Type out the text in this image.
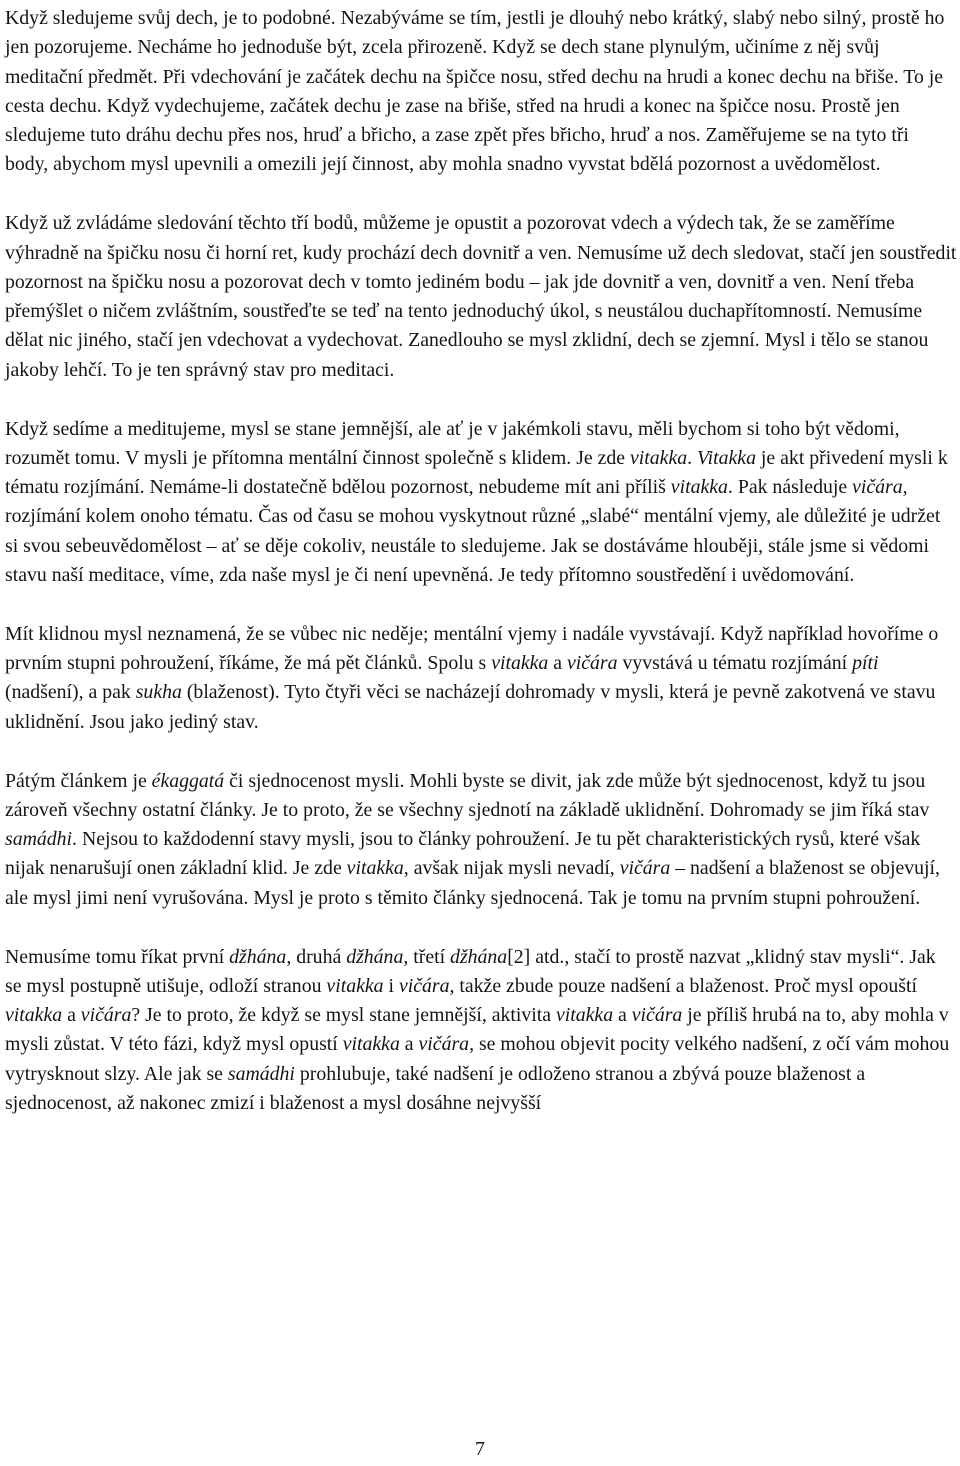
Když sledujeme svůj dech, je to podobné. Nezabýváme se tím, jestli je dlouhý nebo krátký, slabý nebo silný, prostě ho jen pozorujeme. Necháme ho jednoduše být, zcela přirozeně. Když se dech stane plynulým, učiníme z něj svůj meditační předmět. Při vdechování je začátek dechu na špičce nosu, střed dechu na hrudi a konec dechu na břiše. To je cesta dechu. Když vydechujeme, začátek dechu je zase na břiše, střed na hrudi a konec na špičce nosu. Prostě jen sledujeme tuto dráhu dechu přes nos, hruď a břicho, a zase zpět přes břicho, hruď a nos. Zaměřujeme se na tyto tři body, abychom mysl upevnili a omezili její činnost, aby mohla snadno vyvstat bdělá pozornost a uvědomělost.

Když už zvládáme sledování těchto tří bodů, můžeme je opustit a pozorovat vdech a výdech tak, že se zaměříme výhradně na špičku nosu či horní ret, kudy prochází dech dovnitř a ven. Nemusíme už dech sledovat, stačí jen soustředit pozornost na špičku nosu a pozorovat dech v tomto jediném bodu – jak jde dovnitř a ven, dovnitř a ven. Není třeba přemýšlet o ničem zvláštním, soustřeďte se teď na tento jednoduchý úkol, s neustálou duchapřítomností. Nemusíme dělat nic jiného, stačí jen vdechovat a vydechovat. Zanedlouho se mysl zklidní, dech se zjemní. Mysl i tělo se stanou jakoby lehčí. To je ten správný stav pro meditaci.

Když sedíme a meditujeme, mysl se stane jemnější, ale ať je v jakémkoli stavu, měli bychom si toho být vědomi, rozumět tomu. V mysli je přítomna mentální činnost společně s klidem. Je zde vitakka. Vitakka je akt přivedení mysli k tématu rozjímání. Nemáme-li dostatečně bdělou pozornost, nebudeme mít ani příliš vitakka. Pak následuje vičára, rozjímání kolem onoho tématu. Čas od času se mohou vyskytnout různé „slabé“ mentální vjemy, ale důležité je udržet si svou sebeuvědomělost – ať se děje cokoliv, neustále to sledujeme. Jak se dostáváme hlouběji, stále jsme si vědomi stavu naší meditace, víme, zda naše mysl je či není upevněná. Je tedy přítomno soustředění i uvědomování.

Mít klidnou mysl neznamená, že se vůbec nic neděje; mentální vjemy i nadále vyvstávají. Když například hovoříme o prvním stupni pohroužení, říkáme, že má pět článků. Spolu s vitakka a vičára vyvstává u tématu rozjímání píti (nadšení), a pak sukha (blaženost). Tyto čtyři věci se nacházejí dohromady v mysli, která je pevně zakotvená ve stavu uklidnění. Jsou jako jediný stav.

Pátým článkem je ékaggatá či sjednocenost mysli. Mohli byste se divit, jak zde může být sjednocenost, když tu jsou zároveň všechny ostatní články. Je to proto, že se všechny sjednotí na základě uklidnění. Dohromady se jim říká stav samádhi. Nejsou to každodenní stavy mysli, jsou to články pohroužení. Je tu pět charakteristických rysů, které však nijak nenarušují onen základní klid. Je zde vitakka, avšak nijak mysli nevadí, vičára – nadšení a blaženost se objevují, ale mysl jimi není vyrušována. Mysl je proto s těmito články sjednocená. Tak je tomu na prvním stupni pohroužení.

Nemusíme tomu říkat první džhána, druhá džhána, třetí džhána[2] atd., stačí to prostě nazvat „klidný stav mysli“. Jak se mysl postupně utišuje, odloží stranou vitakka i vičára, takže zbude pouze nadšení a blaženost. Proč mysl opouští vitakka a vičára? Je to proto, že když se mysl stane jemnější, aktivita vitakka a vičára je příliš hrubá na to, aby mohla v mysli zůstat. V této fázi, když mysl opustí vitakka a vičára, se mohou objevit pocity velkého nadšení, z očí vám mohou vytrysknout slzy. Ale jak se samádhi prohlubuje, také nadšení je odloženo stranou a zbývá pouze blaženost a sjednocenost, až nakonec zmizí i blaženost a mysl dosáhne nejvyšší

7
